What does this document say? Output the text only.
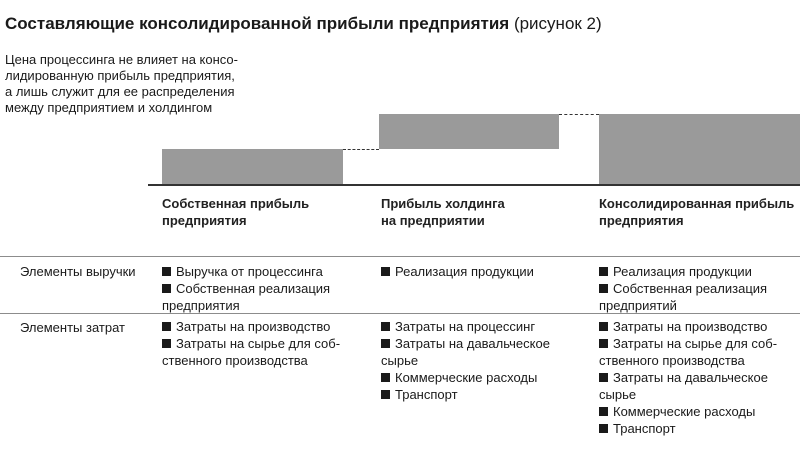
Составляющие консолидированной прибыли предприятия (рисунок 2)
Цена процессинга не влияет на консо-
лидированную прибыль предприятия,
а лишь служит для ее распределения
между предприятием и холдингом
Собственная прибыль
предприятия
Прибыль холдинга
на предприятии
Консолидированная прибыль
предприятия
Элементы выручки
Элементы затрат
Выручка от процессинга
Собственная реализация
предприятия
Реализация продукции	Реализация продукции
Собственная реализация
предприятий
Затраты на производство
Затраты на сырье для соб-
ственного производства
Затраты на процессинг
Затраты на давальческое
сырье
Коммерческие расходы
Транспорт
Затраты на производство
Затраты на сырье для соб-
ственного производства
Затраты на давальческое
сырье
Коммерческие расходы
Транспорт
